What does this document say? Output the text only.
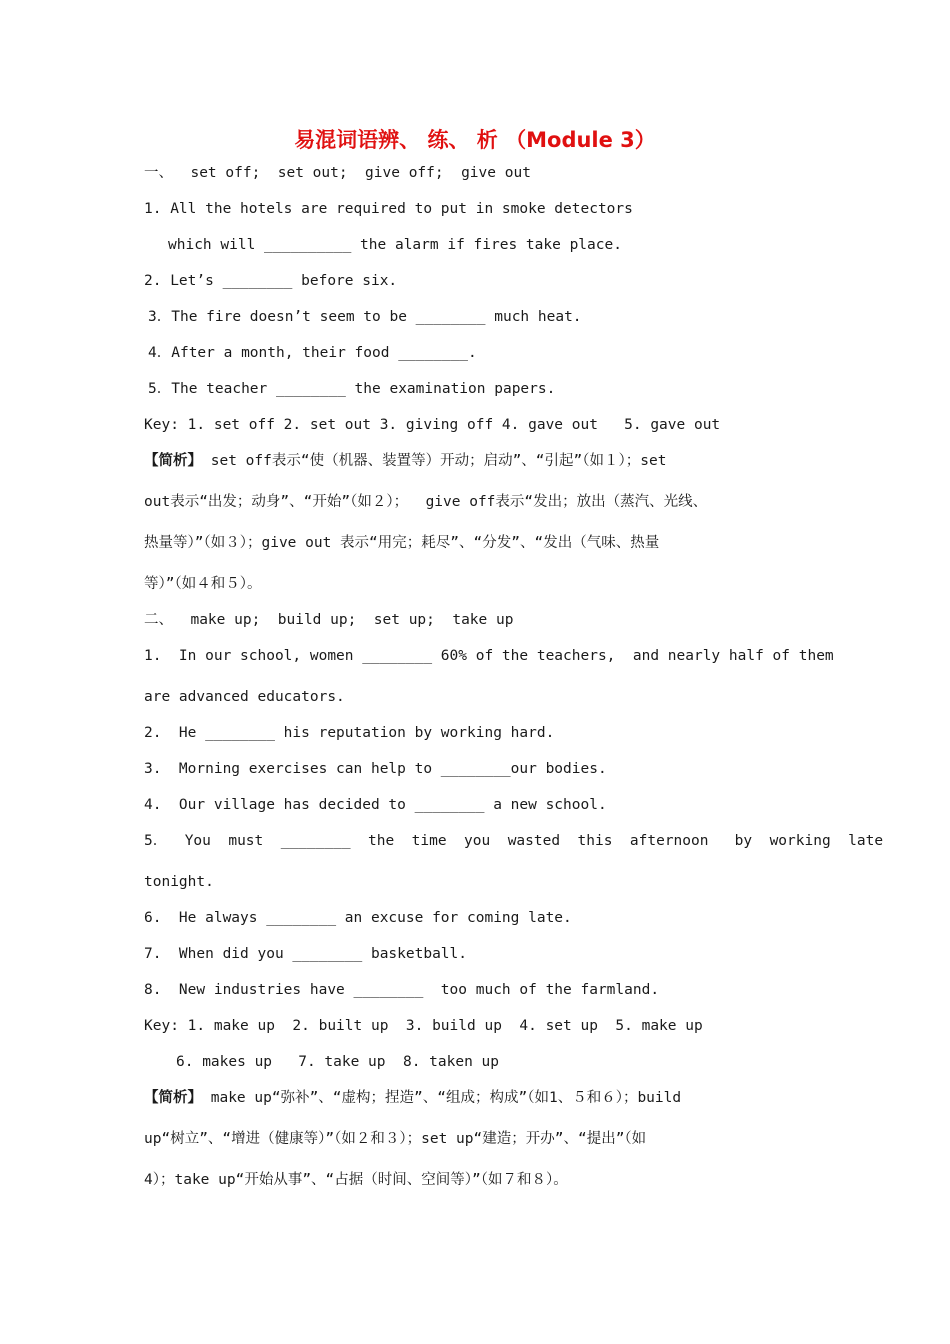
易混词语辨、 练、 析 （Module 3）
一、  set off;  set out;  give off;  give out
1. All the hotels are required to put in smoke detectors
which will __________ the alarm if fires take place.
2. Let’s ________ before six.
3．The fire doesn’t seem to be ________ much heat.
4．After a month, their food ________.
5．The teacher ________ the examination papers.
Key: 1. set off 2. set out 3. giving off 4. gave out   5. gave out
【简析】 set off表示“使（机器、装置等）开动；启动”、“引起”（如１）；set
out表示“出发；动身”、“开始”（如２）；  give off表示“发出；放出（蒸汽、光线、
热量等）”（如３）；give out 表示“用完；耗尽”、“分发”、“发出（气味、热量
等）”（如４和５）。
二、  make up;  build up;  set up;  take up
1.  In our school, women ________ 60% of the teachers,  and nearly half of them
are advanced educators.
2.  He ________ his reputation by working hard.
3.  Morning exercises can help to ________our bodies.
4.  Our village has decided to ________ a new school.
5．  You  must  ________  the  time  you  wasted  this  afternoon   by  working  late
tonight.
6.  He always ________ an excuse for coming late.
7.  When did you ________ basketball.
8.  New industries have ________  too much of the farmland.
Key: 1. make up  2. built up  3. build up  4. set up  5. make up
6. makes up   7. take up  8. taken up
【简析】 make up“弥补”、“虚构；捏造”、“组成；构成”（如1、５和６）；build
up“树立”、“增进（健康等）”（如２和３）；set up“建造；开办”、“提出”（如
4）；take up“开始从事”、“占据（时间、空间等）”（如７和８）。
